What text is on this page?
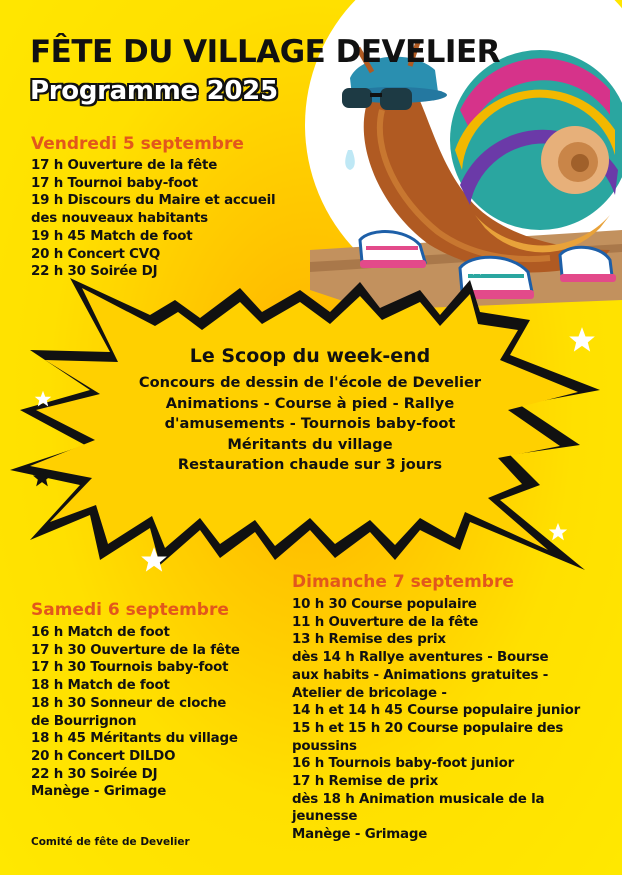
FÊTE DU VILLAGE DEVELIER
Programme 2025
Vendredi 5 septembre
17 h Ouverture de la fête
17 h Tournoi baby-foot
19 h Discours du Maire et accueil
des nouveaux habitants
19 h 45 Match de foot
20 h Concert CVQ
22 h 30 Soirée DJ
Le Scoop du week-end
Concours de dessin de l'école de Develier
Animations - Course à pied - Rallye
d'amusements - Tournois baby-foot
Méritants du village
Restauration chaude sur 3 jours
Samedi 6 septembre
16 h Match de foot
17 h 30 Ouverture de la fête
17 h 30 Tournois baby-foot
18 h Match de foot
18 h 30 Sonneur de cloche
de Bourrignon
18 h 45 Méritants du village
20 h Concert DILDO
22 h 30 Soirée DJ
Manège - Grimage
Dimanche 7 septembre
10 h 30 Course populaire
11 h Ouverture de la fête
13 h Remise des prix
dès 14 h Rallye aventures - Bourse
aux habits - Animations gratuites -
Atelier de bricolage -
14 h et 14 h 45 Course populaire junior
15 h et 15 h 20 Course populaire des
poussins
16 h Tournois baby-foot junior
17 h Remise de prix
dès 18 h Animation musicale de la
jeunesse
Manège - Grimage
Comité de fête de Develier
